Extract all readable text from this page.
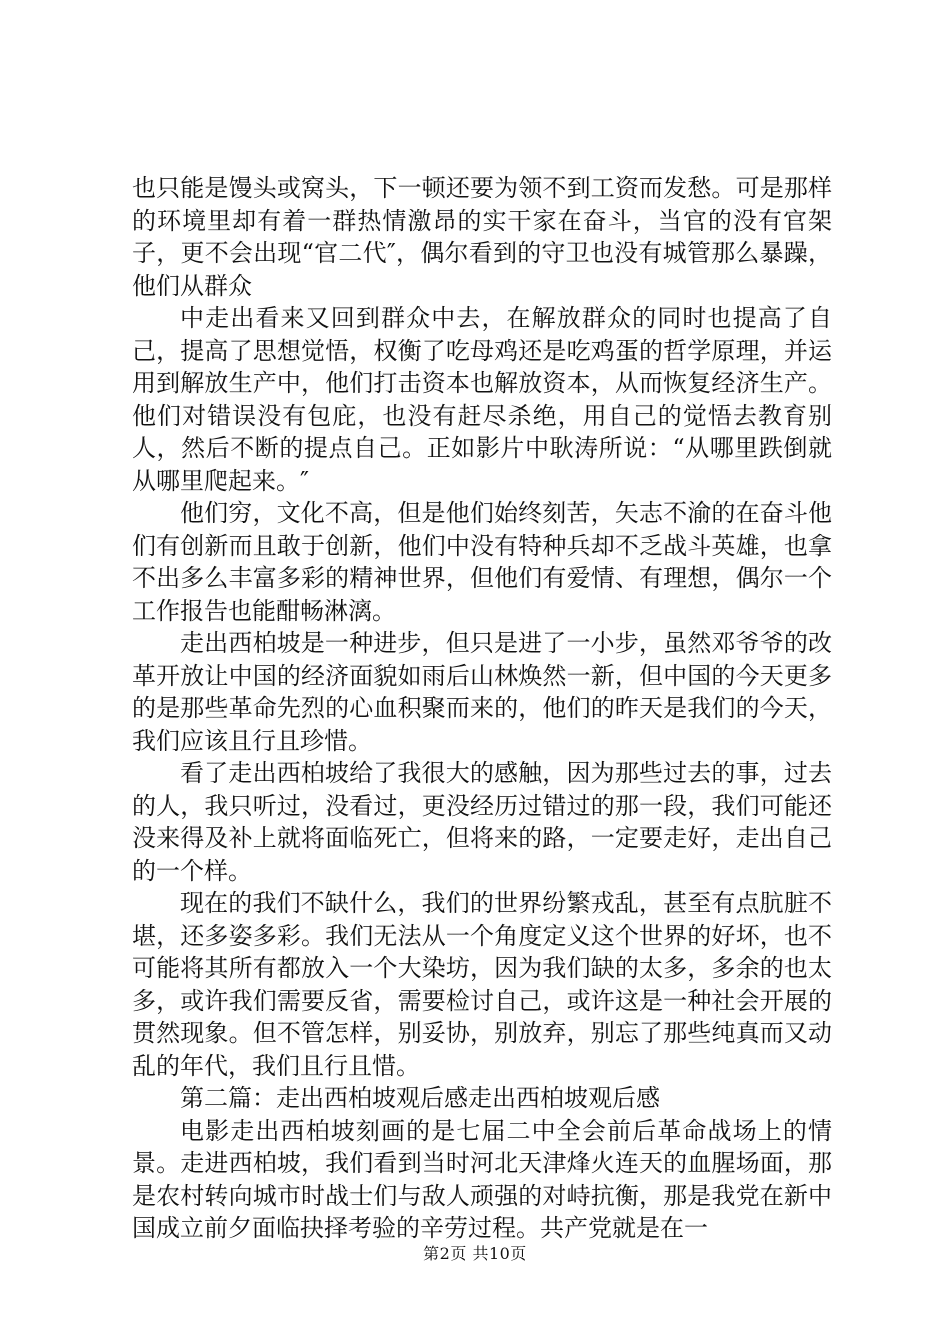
也只能是馒头或窝头，下一顿还要为领不到工资而发愁。可是那样的环境里却有着一群热情激昂的实干家在奋斗，当官的没有官架子，更不会出现“官二代″，偶尔看到的守卫也没有城管那么暴躁，他们从群众

中走出看来又回到群众中去，在解放群众的同时也提高了自己，提高了思想觉悟，权衡了吃母鸡还是吃鸡蛋的哲学原理，并运用到解放生产中，他们打击资本也解放资本，从而恢复经济生产。他们对错误没有包庇，也没有赶尽杀绝，用自己的觉悟去教育别人，然后不断的提点自己。正如影片中耿涛所说：“从哪里跌倒就从哪里爬起来。″

他们穷，文化不高，但是他们始终刻苦，矢志不渝的在奋斗他们有创新而且敢于创新，他们中没有特种兵却不乏战斗英雄，也拿不出多么丰富多彩的精神世界，但他们有爱情、有理想，偶尔一个工作报告也能酣畅淋漓。

走出西柏坡是一种进步，但只是进了一小步，虽然邓爷爷的改革开放让中国的经济面貌如雨后山林焕然一新，但中国的今天更多的是那些革命先烈的心血积聚而来的，他们的昨天是我们的今天，我们应该且行且珍惜。

看了走出西柏坡给了我很大的感触，因为那些过去的事，过去的人，我只听过，没看过，更没经历过错过的那一段，我们可能还没来得及补上就将面临死亡，但将来的路，一定要走好，走出自己的一个样。

现在的我们不缺什么，我们的世界纷繁戎乱，甚至有点肮脏不堪，还多姿多彩。我们无法从一个角度定义这个世界的好坏，也不可能将其所有都放入一个大染坊，因为我们缺的太多，多余的也太多，或许我们需要反省，需要检讨自己，或许这是一种社会开展的贯然现象。但不管怎样，别妥协，别放弃，别忘了那些纯真而又动乱的年代，我们且行且惜。

第二篇：走出西柏坡观后感走出西柏坡观后感

电影走出西柏坡刻画的是七届二中全会前后革命战场上的情景。走进西柏坡，我们看到当时河北天津烽火连天的血腥场面，那是农村转向城市时战士们与敌人顽强的对峙抗衡，那是我党在新中国成立前夕面临抉择考验的辛劳过程。共产党就是在一

第2页 共10页
